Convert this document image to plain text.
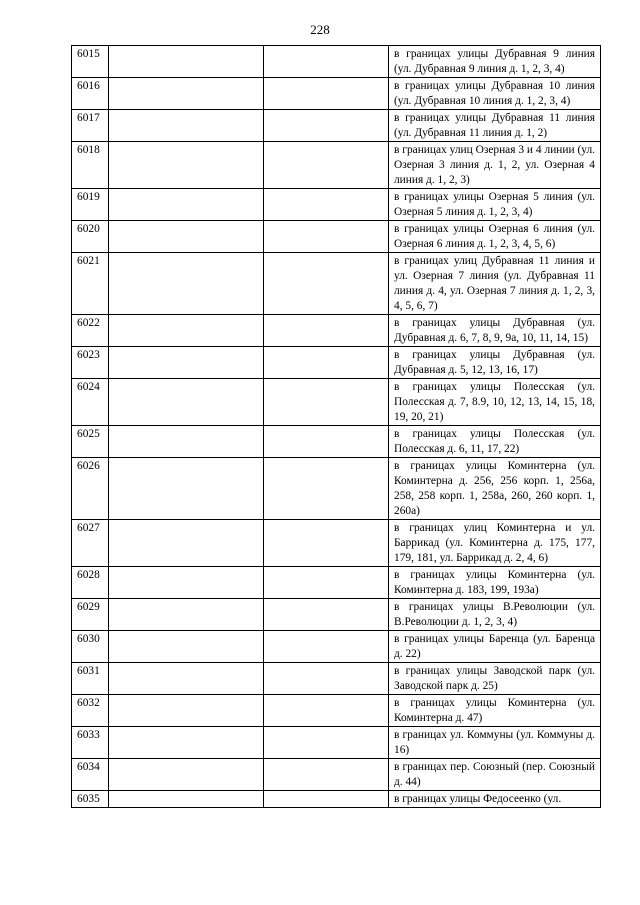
228
6015			в границах улицы Дубравная 9 линия (ул. Дубравная 9 линия д. 1, 2, 3, 4)
6016			в границах улицы Дубравная 10 линия (ул. Дубравная 10 линия д. 1, 2, 3, 4)
6017			в границах улицы Дубравная 11 линия (ул. Дубравная 11 линия д. 1, 2)
6018			в границах улиц Озерная 3 и 4 линии (ул. Озерная 3 линия д. 1, 2, ул. Озерная 4 линия д. 1, 2, 3)
6019			в границах улицы Озерная 5 линия (ул. Озерная 5 линия д. 1, 2, 3, 4)
6020			в границах улицы Озерная 6 линия (ул. Озерная 6 линия д. 1, 2, 3, 4, 5, 6)
6021			в границах улиц Дубравная 11 линия и ул. Озерная 7 линия (ул. Дубравная 11 линия д. 4, ул. Озерная 7 линия д. 1, 2, 3, 4, 5, 6, 7)
6022			в границах улицы Дубравная (ул. Дубравная д. 6, 7, 8, 9, 9а, 10, 11, 14, 15)
6023			в границах улицы Дубравная (ул. Дубравная д. 5, 12, 13, 16, 17)
6024			в границах улицы Полесская (ул. Полесская д. 7, 8.9, 10, 12, 13, 14, 15, 18, 19, 20, 21)
6025			в границах улицы Полесская (ул. Полесская д. 6, 11, 17, 22)
6026			в границах улицы Коминтерна (ул. Коминтерна д. 256, 256 корп. 1, 256а, 258, 258 корп. 1, 258а, 260, 260 корп. 1, 260а)
6027			в границах улиц Коминтерна и ул. Баррикад (ул. Коминтерна д. 175, 177, 179, 181, ул. Баррикад д. 2, 4, 6)
6028			в границах улицы Коминтерна (ул. Коминтерна д. 183, 199, 193а)
6029			в границах улицы В.Революции (ул. В.Революции д. 1, 2, 3, 4)
6030			в границах улицы Баренца (ул. Баренца д. 22)
6031			в границах улицы Заводской парк (ул. Заводской парк д. 25)
6032			в границах улицы Коминтерна (ул. Коминтерна д. 47)
6033			в границах ул. Коммуны (ул. Коммуны д. 16)
6034			в границах пер. Союзный (пер. Союзный д. 44)
6035			в границах улицы Федосеенко (ул.
